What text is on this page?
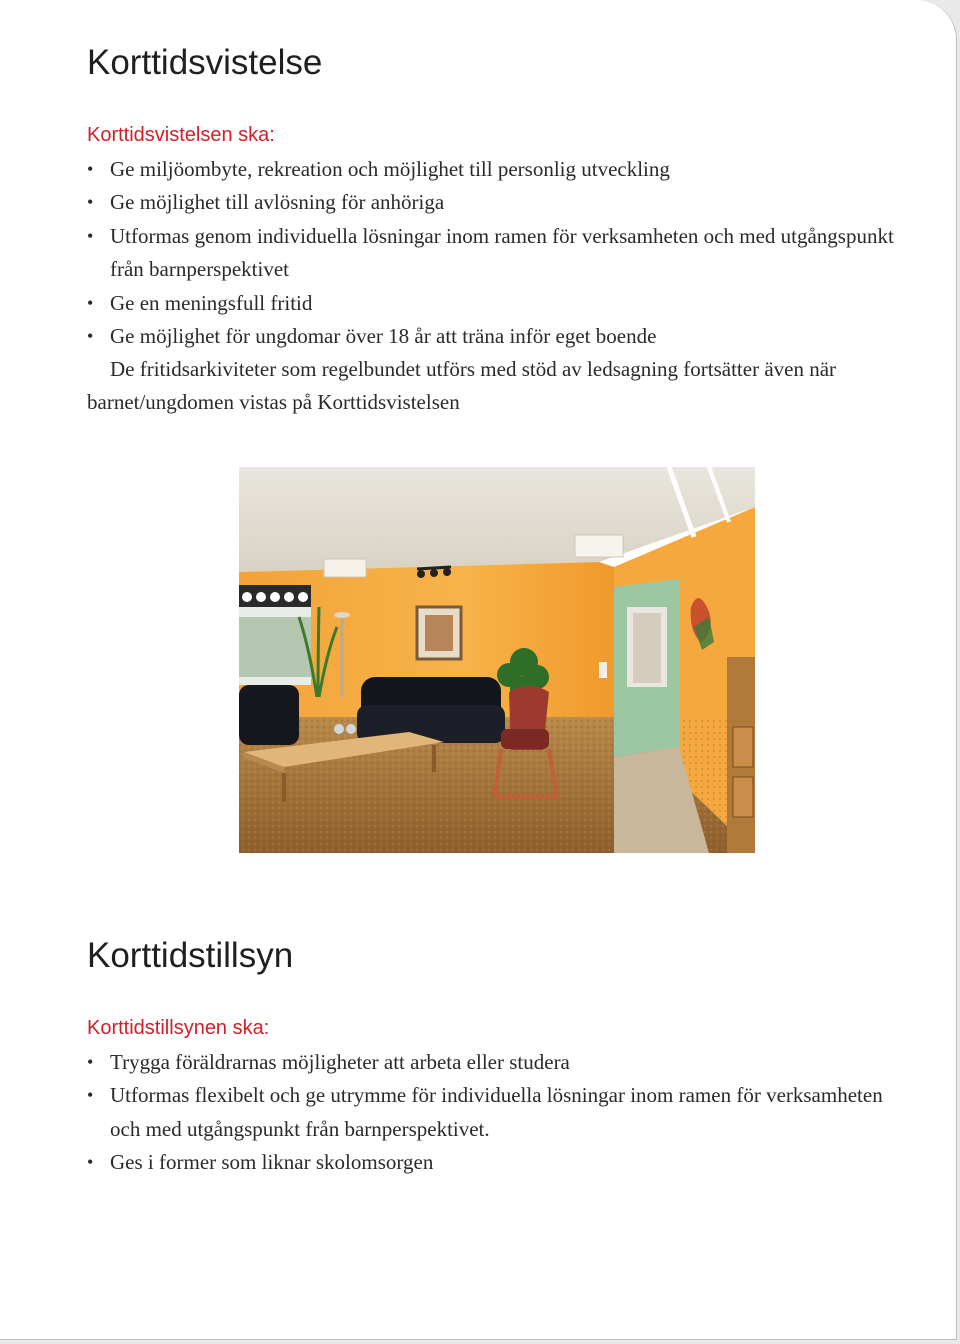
Korttidsvistelse
Korttidsvistelsen ska:
• Ge miljöombyte, rekreation och möjlighet till personlig utveckling
• Ge möjlighet till avlösning för anhöriga
• Utformas genom individuella lösningar inom ramen för verksamheten och med utgångspunkt från barnperspektivet
• Ge en meningsfull fritid
• Ge möjlighet för ungdomar över 18 år att träna inför eget boende

De fritidsarkiviteter som regelbundet utförs med stöd av ledsagning fortsätter även när barnet/ungdomen vistas på Korttidsvistelsen

Korttidstillsyn
Korttidstillsynen ska:
• Trygga föräldrarnas möjligheter att arbeta eller studera
• Utformas flexibelt och ge utrymme för individuella lösningar inom ramen för verksamheten och med utgångspunkt från barnperspektivet.
• Ges i former som liknar skolomsorgen
